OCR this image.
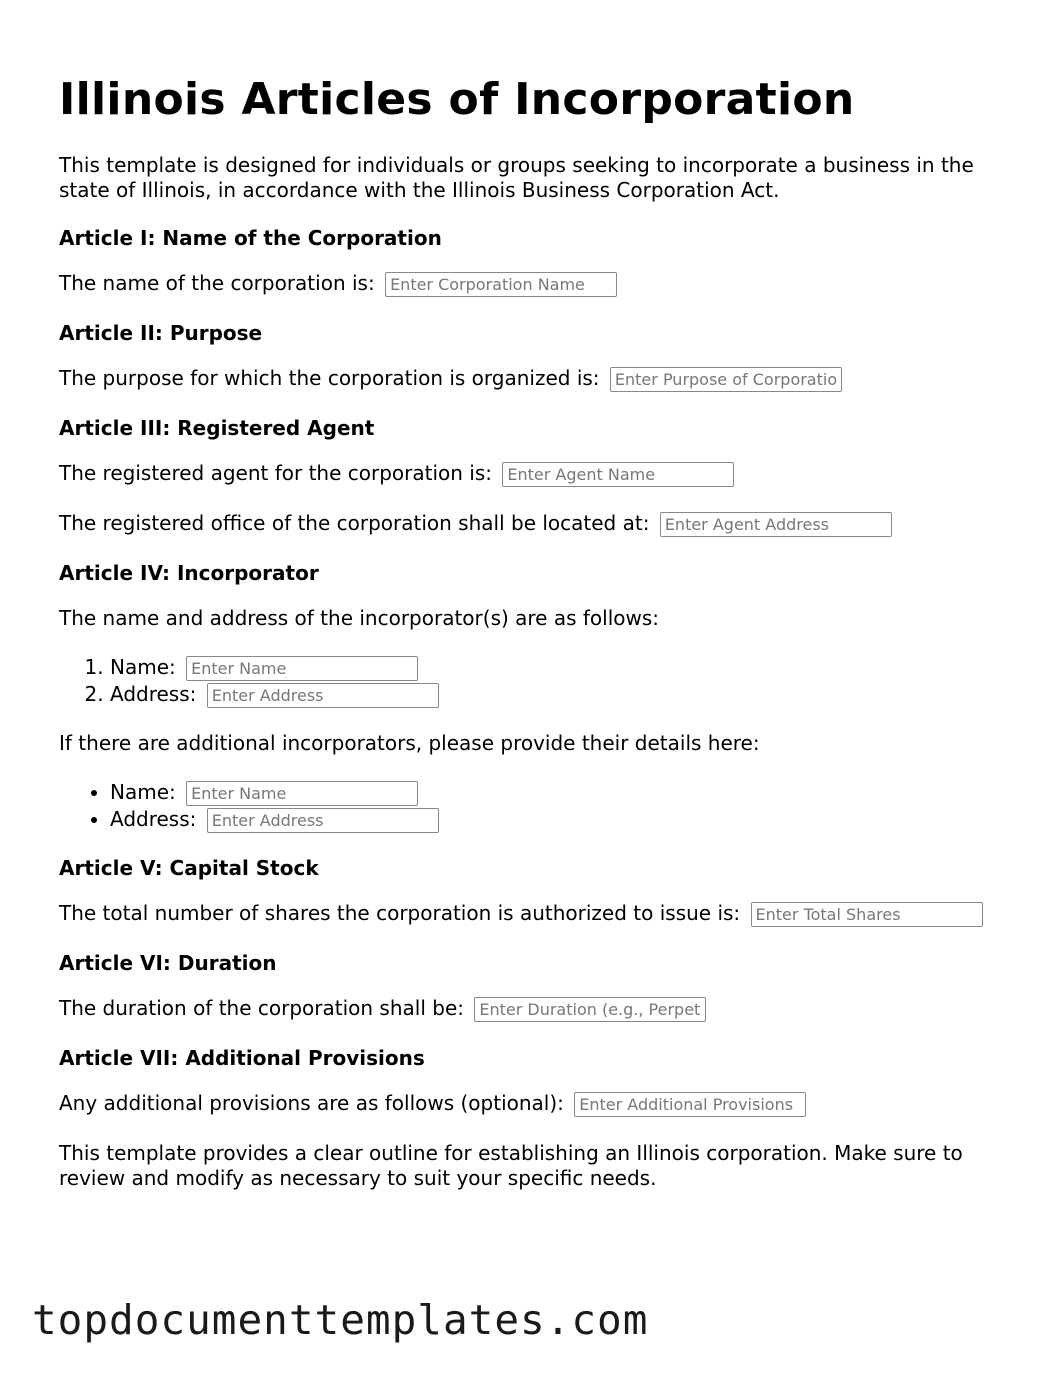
Illinois Articles of Incorporation

This template is designed for individuals or groups seeking to incorporate a business in the state of Illinois, in accordance with the Illinois Business Corporation Act.

Article I: Name of the Corporation

The name of the corporation is: Enter Corporation Name

Article II: Purpose

The purpose for which the corporation is organized is: Enter Purpose of Corporation

Article III: Registered Agent

The registered agent for the corporation is: Enter Agent Name

The registered office of the corporation shall be located at: Enter Agent Address

Article IV: Incorporator

The name and address of the incorporator(s) are as follows:

1. Name: Enter Name
2. Address: Enter Address

If there are additional incorporators, please provide their details here:

• Name: Enter Name
• Address: Enter Address
Article V: Capital Stock

The total number of shares the corporation is authorized to issue is: Enter Total Shares

Article VI: Duration

The duration of the corporation shall be: Enter Duration (e.g., Perpetual)

Article VII: Additional Provisions

Any additional provisions are as follows (optional): Enter Additional Provisions

This template provides a clear outline for establishing an Illinois corporation. Make sure to review and modify as necessary to suit your specific needs.

topdocumenttemplates.com
